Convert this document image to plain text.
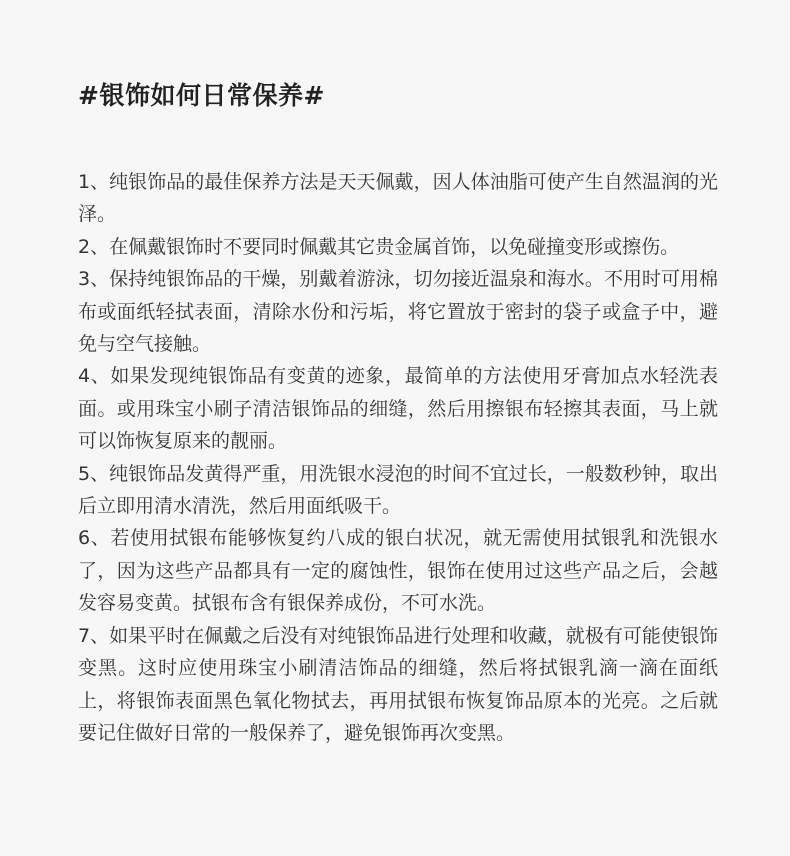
#银饰如何日常保养#

1、纯银饰品的最佳保养方法是天天佩戴，因人体油脂可使产生自然温润的光泽。

2、在佩戴银饰时不要同时佩戴其它贵金属首饰，以免碰撞变形或擦伤。

3、保持纯银饰品的干燥，别戴着游泳，切勿接近温泉和海水。不用时可用棉布或面纸轻拭表面，清除水份和污垢，将它置放于密封的袋子或盒子中，避免与空气接触。

4、如果发现纯银饰品有变黄的迹象，最简单的方法使用牙膏加点水轻洗表面。或用珠宝小刷子清洁银饰品的细缝，然后用擦银布轻擦其表面，马上就可以饰恢复原来的靓丽。

5、纯银饰品发黄得严重，用洗银水浸泡的时间不宜过长，一般数秒钟，取出后立即用清水清洗，然后用面纸吸干。

6、若使用拭银布能够恢复约八成的银白状况，就无需使用拭银乳和洗银水了，因为这些产品都具有一定的腐蚀性，银饰在使用过这些产品之后，会越发容易变黄。拭银布含有银保养成份，不可水洗。

7、如果平时在佩戴之后没有对纯银饰品进行处理和收藏，就极有可能使银饰变黑。这时应使用珠宝小刷清洁饰品的细缝，然后将拭银乳滴一滴在面纸上，将银饰表面黑色氧化物拭去，再用拭银布恢复饰品原本的光亮。之后就要记住做好日常的一般保养了，避免银饰再次变黑。
